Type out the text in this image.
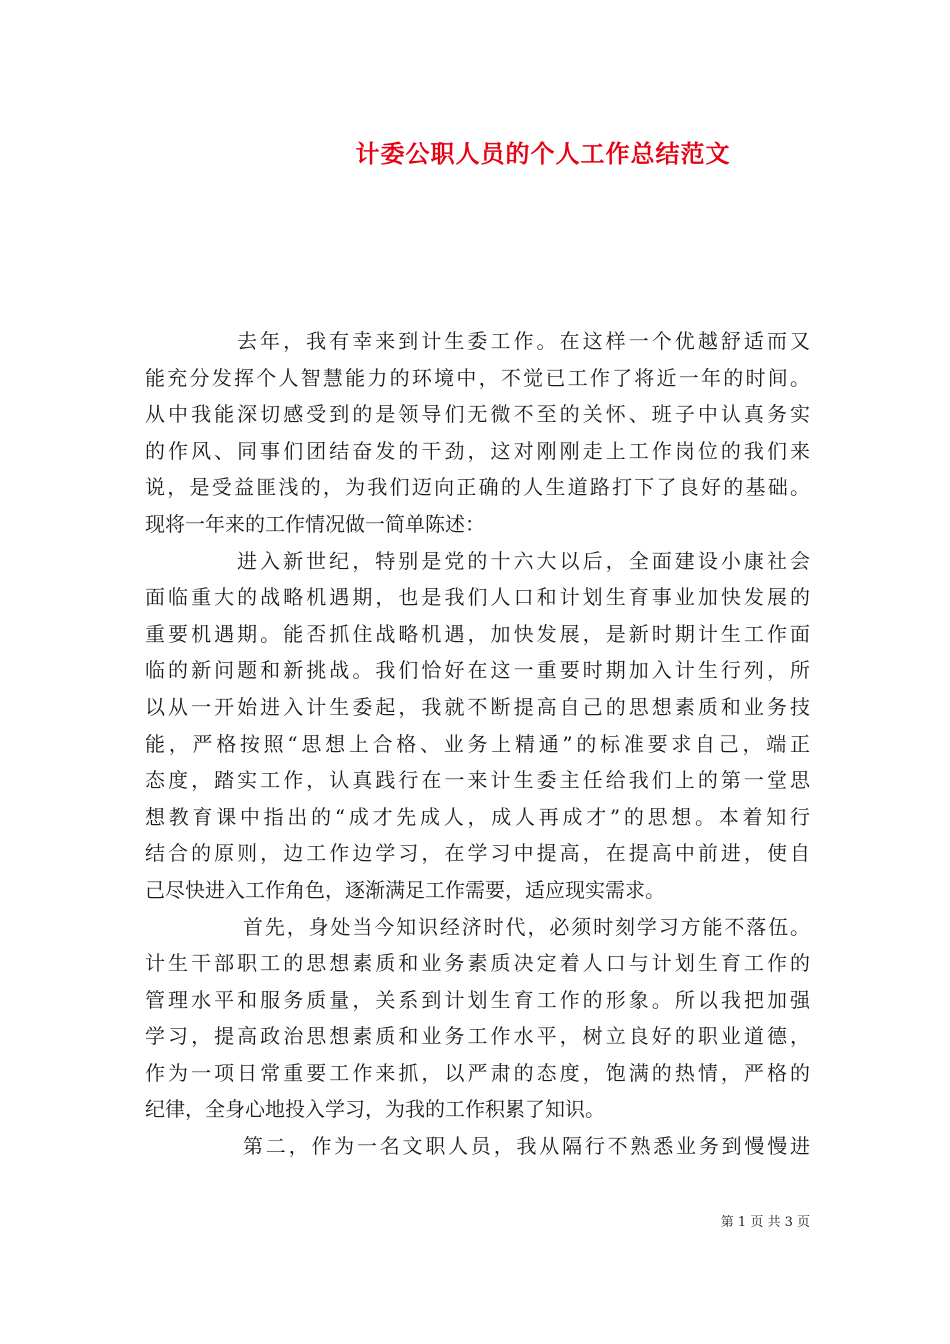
计委公职人员的个人工作总结范文
去年，我有幸来到计生委工作。在这样一个优越舒适而又
能充分发挥个人智慧能力的环境中，不觉已工作了将近一年的时间。
从中我能深切感受到的是领导们无微不至的关怀、班子中认真务实
的作风、同事们团结奋发的干劲，这对刚刚走上工作岗位的我们来
说，是受益匪浅的，为我们迈向正确的人生道路打下了良好的基础。
现将一年来的工作情况做一简单陈述：
进入新世纪，特别是党的十六大以后，全面建设小康社会
面临重大的战略机遇期，也是我们人口和计划生育事业加快发展的
重要机遇期。能否抓住战略机遇，加快发展，是新时期计生工作面
临的新问题和新挑战。我们恰好在这一重要时期加入计生行列，所
以从一开始进入计生委起，我就不断提高自己的思想素质和业务技
能，严格按照“思想上合格、业务上精通”的标准要求自己，端正
态度，踏实工作，认真践行在一来计生委主任给我们上的第一堂思
想教育课中指出的“成才先成人，成人再成才”的思想。本着知行
结合的原则，边工作边学习，在学习中提高，在提高中前进，使自
己尽快进入工作角色，逐渐满足工作需要，适应现实需求。
首先，身处当今知识经济时代，必须时刻学习方能不落伍。
计生干部职工的思想素质和业务素质决定着人口与计划生育工作的
管理水平和服务质量，关系到计划生育工作的形象。所以我把加强
学习，提高政治思想素质和业务工作水平，树立良好的职业道德，
作为一项日常重要工作来抓，以严肃的态度，饱满的热情，严格的
纪律，全身心地投入学习，为我的工作积累了知识。
第二，作为一名文职人员，我从隔行不熟悉业务到慢慢进
第 1 页 共 3 页
